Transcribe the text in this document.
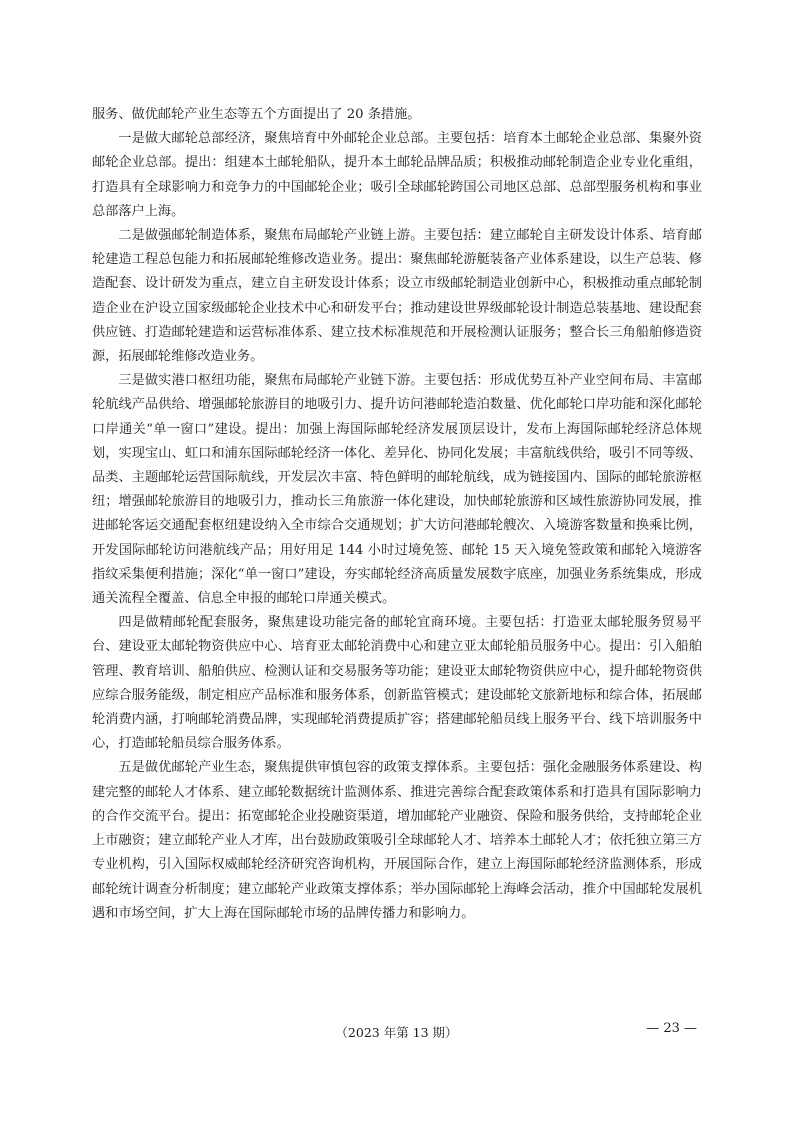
服务、做优邮轮产业生态等五个方面提出了 20 条措施。

一是做大邮轮总部经济，聚焦培育中外邮轮企业总部。主要包括：培育本土邮轮企业总部、集聚外资邮轮企业总部。提出：组建本土邮轮船队，提升本土邮轮品牌品质；积极推动邮轮制造企业专业化重组，打造具有全球影响力和竞争力的中国邮轮企业；吸引全球邮轮跨国公司地区总部、总部型服务机构和事业总部落户上海。

二是做强邮轮制造体系，聚焦布局邮轮产业链上游。主要包括：建立邮轮自主研发设计体系、培育邮轮建造工程总包能力和拓展邮轮维修改造业务。提出：聚焦邮轮游艇装备产业体系建设，以生产总装、修造配套、设计研发为重点，建立自主研发设计体系；设立市级邮轮制造业创新中心，积极推动重点邮轮制造企业在沪设立国家级邮轮企业技术中心和研发平台；推动建设世界级邮轮设计制造总装基地、建设配套供应链、打造邮轮建造和运营标准体系、建立技术标准规范和开展检测认证服务；整合长三角船舶修造资源，拓展邮轮维修改造业务。

三是做实港口枢纽功能，聚焦布局邮轮产业链下游。主要包括：形成优势互补产业空间布局、丰富邮轮航线产品供给、增强邮轮旅游目的地吸引力、提升访问港邮轮造泊数量、优化邮轮口岸功能和深化邮轮口岸通关“单一窗口”建设。提出：加强上海国际邮轮经济发展顶层设计，发布上海国际邮轮经济总体规划，实现宝山、虹口和浦东国际邮轮经济一体化、差异化、协同化发展；丰富航线供给，吸引不同等级、品类、主题邮轮运营国际航线，开发层次丰富、特色鲜明的邮轮航线，成为链接国内、国际的邮轮旅游枢纽；增强邮轮旅游目的地吸引力，推动长三角旅游一体化建设，加快邮轮旅游和区域性旅游协同发展，推进邮轮客运交通配套枢纽建设纳入全市综合交通规划；扩大访问港邮轮艘次、入境游客数量和换乘比例，开发国际邮轮访问港航线产品；用好用足 144 小时过境免签、邮轮 15 天入境免签政策和邮轮入境游客指纹采集便利措施；深化“单一窗口”建设，夯实邮轮经济高质量发展数字底座，加强业务系统集成，形成通关流程全覆盖、信息全申报的邮轮口岸通关模式。

四是做精邮轮配套服务，聚焦建设功能完备的邮轮宜商环境。主要包括：打造亚太邮轮服务贸易平台、建设亚太邮轮物资供应中心、培育亚太邮轮消费中心和建立亚太邮轮船员服务中心。提出：引入船舶管理、教育培训、船舶供应、检测认证和交易服务等功能；建设亚太邮轮物资供应中心，提升邮轮物资供应综合服务能级，制定相应产品标准和服务体系，创新监管模式；建设邮轮文旅新地标和综合体，拓展邮轮消费内涵，打响邮轮消费品牌，实现邮轮消费提质扩容；搭建邮轮船员线上服务平台、线下培训服务中心，打造邮轮船员综合服务体系。

五是做优邮轮产业生态，聚焦提供审慎包容的政策支撑体系。主要包括：强化金融服务体系建设、构建完整的邮轮人才体系、建立邮轮数据统计监测体系、推进完善综合配套政策体系和打造具有国际影响力的合作交流平台。提出：拓宽邮轮企业投融资渠道，增加邮轮产业融资、保险和服务供给，支持邮轮企业上市融资；建立邮轮产业人才库，出台鼓励政策吸引全球邮轮人才、培养本土邮轮人才；依托独立第三方专业机构，引入国际权威邮轮经济研究咨询机构，开展国际合作，建立上海国际邮轮经济监测体系，形成邮轮统计调查分析制度；建立邮轮产业政策支撑体系；举办国际邮轮上海峰会活动，推介中国邮轮发展机遇和市场空间，扩大上海在国际邮轮市场的品牌传播力和影响力。

（2023 年第 13 期）	— 23 —
